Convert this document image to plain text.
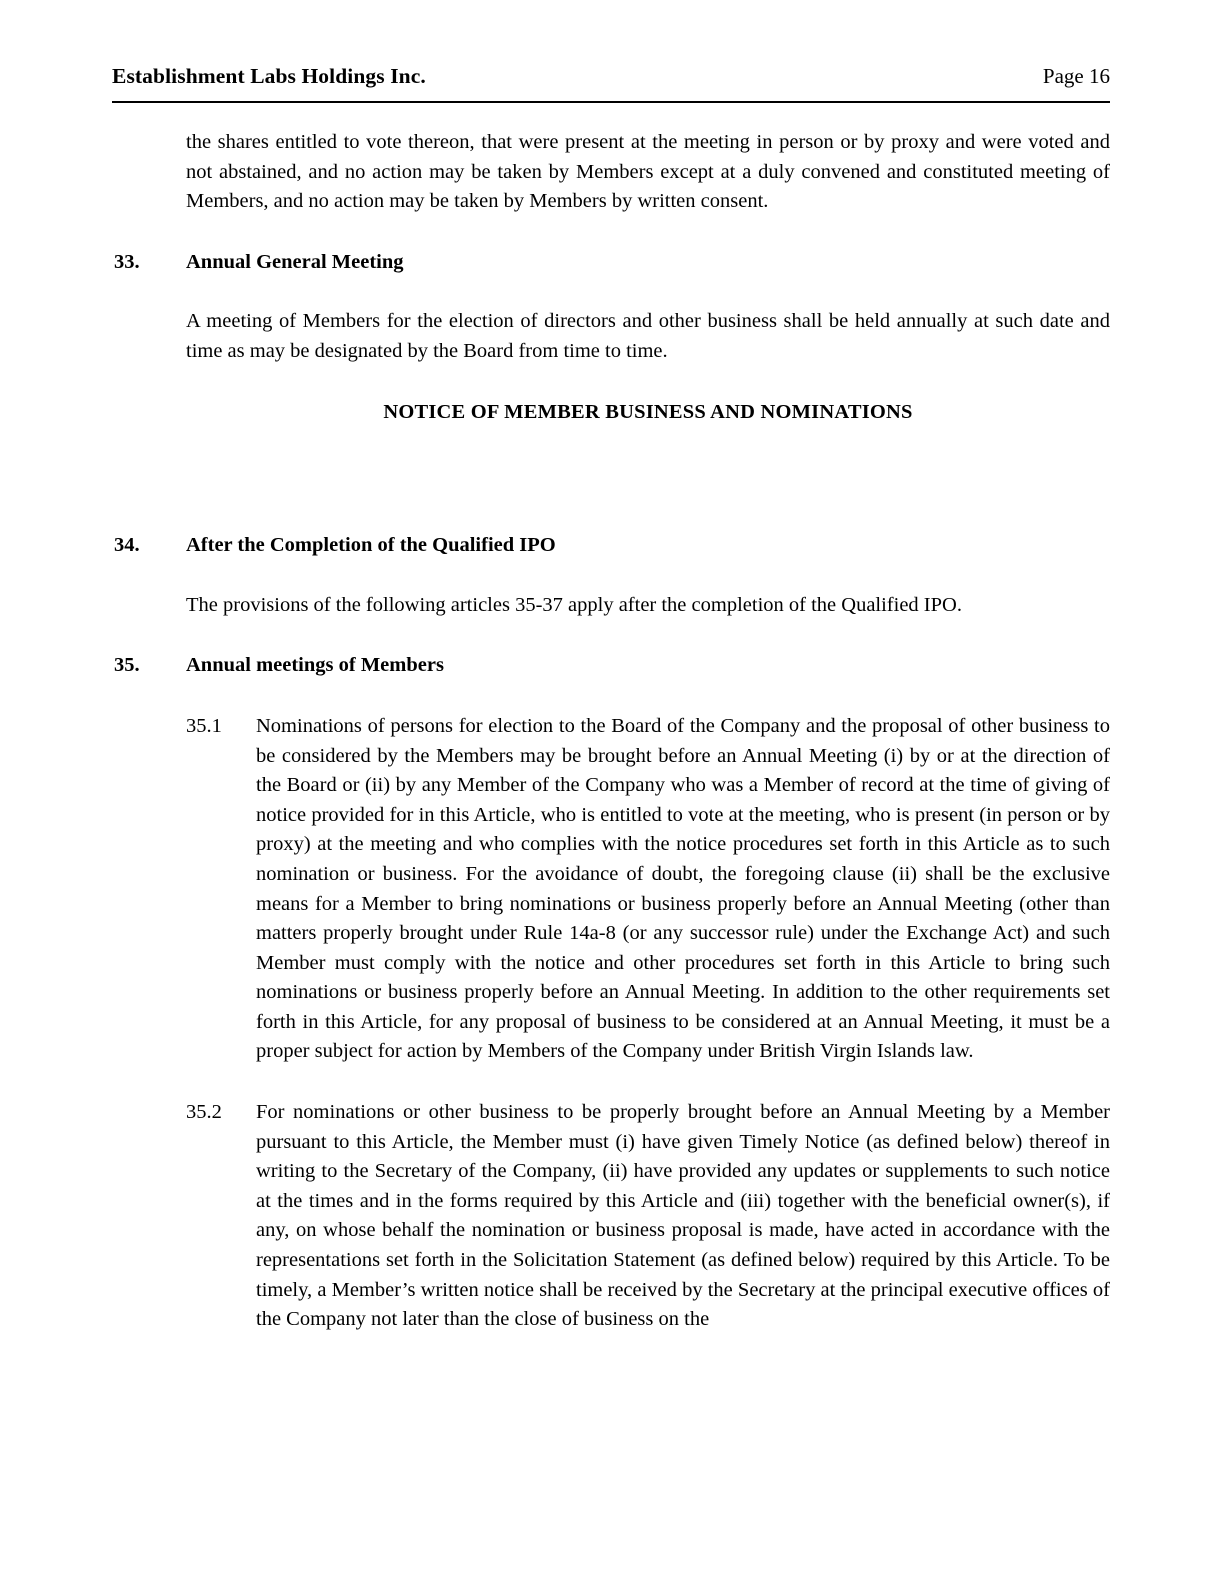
Establishment Labs Holdings Inc.	Page 16

the shares entitled to vote thereon, that were present at the meeting in person or by proxy and were voted and not abstained, and no action may be taken by Members except at a duly convened and constituted meeting of Members, and no action may be taken by Members by written consent.

33. Annual General Meeting

A meeting of Members for the election of directors and other business shall be held annually at such date and time as may be designated by the Board from time to time.

NOTICE OF MEMBER BUSINESS AND NOMINATIONS
34. After the Completion of the Qualified IPO

The provisions of the following articles 35-37 apply after the completion of the Qualified IPO.

35. Annual meetings of Members
35.1 Nominations of persons for election to the Board of the Company and the proposal of other business to be considered by the Members may be brought before an Annual Meeting (i) by or at the direction of the Board or (ii) by any Member of the Company who was a Member of record at the time of giving of notice provided for in this Article, who is entitled to vote at the meeting, who is present (in person or by proxy) at the meeting and who complies with the notice procedures set forth in this Article as to such nomination or business. For the avoidance of doubt, the foregoing clause (ii) shall be the exclusive means for a Member to bring nominations or business properly before an Annual Meeting (other than matters properly brought under Rule 14a-8 (or any successor rule) under the Exchange Act) and such Member must comply with the notice and other procedures set forth in this Article to bring such nominations or business properly before an Annual Meeting. In addition to the other requirements set forth in this Article, for any proposal of business to be considered at an Annual Meeting, it must be a proper subject for action by Members of the Company under British Virgin Islands law.
35.2 For nominations or other business to be properly brought before an Annual Meeting by a Member pursuant to this Article, the Member must (i) have given Timely Notice (as defined below) thereof in writing to the Secretary of the Company, (ii) have provided any updates or supplements to such notice at the times and in the forms required by this Article and (iii) together with the beneficial owner(s), if any, on whose behalf the nomination or business proposal is made, have acted in accordance with the representations set forth in the Solicitation Statement (as defined below) required by this Article. To be timely, a Member’s written notice shall be received by the Secretary at the principal executive offices of the Company not later than the close of business on the
